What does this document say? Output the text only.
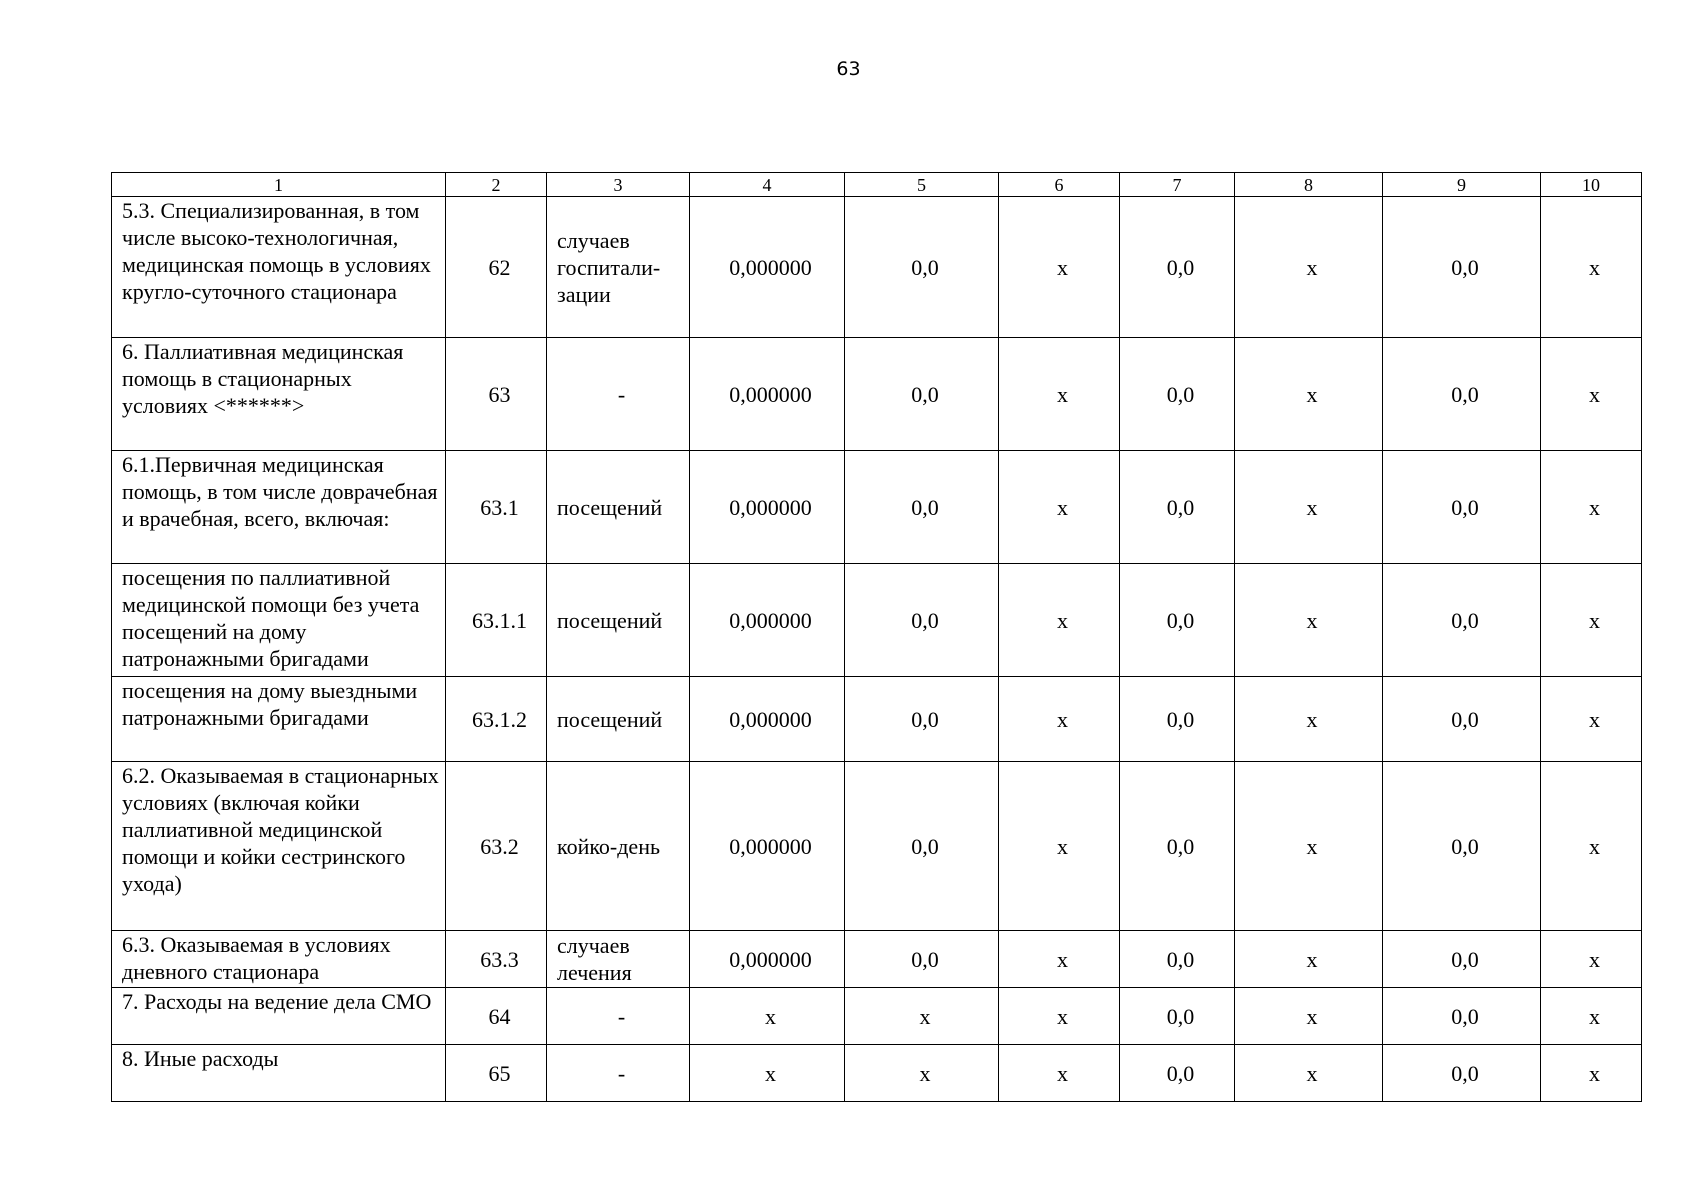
63
1	2	3	4	5	6	7	8	9	10
5.3. Специализированная, в том числе высоко-технологичная, медицинская помощь в условиях кругло-суточного стационара	62	случаев госпитали-зации	0,000000	0,0	х	0,0	х	0,0	х
6. Паллиативная медицинская помощь в стационарных условиях <******>	63	-	0,000000	0,0	х	0,0	х	0,0	х
6.1.Первичная медицинская помощь, в том числе доврачебная и врачебная, всего, включая:	63.1	посещений	0,000000	0,0	х	0,0	х	0,0	х
посещения по паллиативной медицинской помощи без учета посещений на дому патронажными бригадами	63.1.1	посещений	0,000000	0,0	х	0,0	х	0,0	х
посещения на дому выездными патронажными бригадами	63.1.2	посещений	0,000000	0,0	х	0,0	х	0,0	х
6.2. Оказываемая в стационарных условиях (включая койки паллиативной медицинской помощи и койки сестринского ухода)	63.2	койко-день	0,000000	0,0	х	0,0	х	0,0	х
6.3. Оказываемая в условиях дневного стационара	63.3	случаев лечения	0,000000	0,0	х	0,0	х	0,0	х
7. Расходы на ведение дела СМО	64	-	х	х	х	0,0	х	0,0	х
8. Иные расходы	65	-	х	х	х	0,0	х	0,0	х
